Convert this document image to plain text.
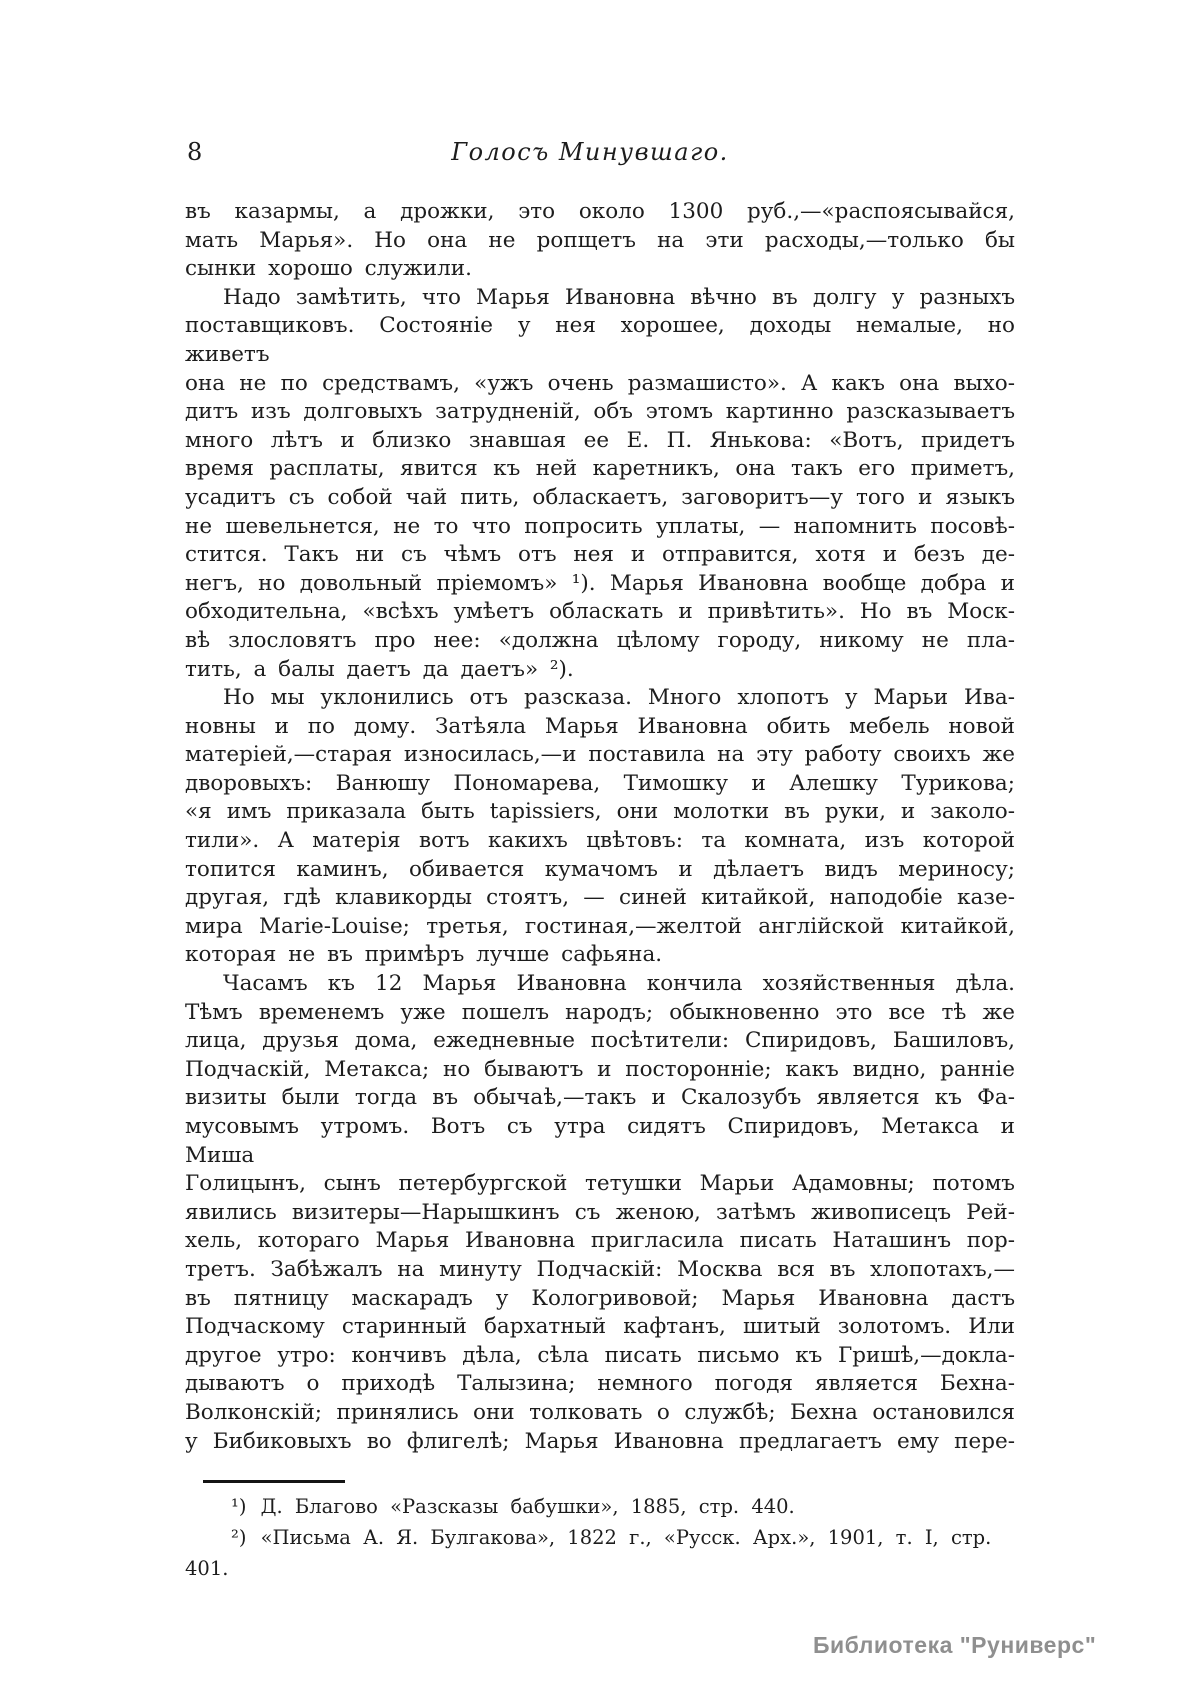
8	Голосъ Минувшаго.
въ казармы, а дрожки, это около 1300 руб.,—«распоясывайся,
мать Марья». Но она не ропщетъ на эти расходы,—только бы
сынки хорошо служили.
Надо замѣтить, что Марья Ивановна вѣчно въ долгу у разныхъ
поставщиковъ. Состояніе у нея хорошее, доходы немалые, но живетъ
она не по средствамъ, «ужъ очень размашисто». А какъ она выхо-
дитъ изъ долговыхъ затрудненій, объ этомъ картинно разсказываетъ
много лѣтъ и близко знавшая ее Е. П. Янькова: «Вотъ, придетъ
время расплаты, явится къ ней каретникъ, она такъ его приметъ,
усадитъ съ собой чай пить, обласкаетъ, заговоритъ—у того и языкъ
не шевельнется, не то что попросить уплаты, — напомнить посовѣ-
стится. Такъ ни съ чѣмъ отъ нея и отправится, хотя и безъ де-
негъ, но довольный пріемомъ» ¹). Марья Ивановна вообще добра и
обходительна, «всѣхъ умѣетъ обласкать и привѣтить». Но въ Моск-
вѣ злословятъ про нее: «должна цѣлому городу, никому не пла-
тить, а балы даетъ да даетъ» ²).
Но мы уклонились отъ разсказа. Много хлопотъ у Марьи Ива-
новны и по дому. Затѣяла Марья Ивановна обить мебель новой
матеріей,—старая износилась,—и поставила на эту работу своихъ же
дворовыхъ: Ванюшу Пономарева, Тимошку и Алешку Турикова;
«я имъ приказала быть tapissiers, они молотки въ руки, и заколо-
тили». А матерія вотъ какихъ цвѣтовъ: та комната, изъ которой
топится каминъ, обивается кумачомъ и дѣлаетъ видъ мериносу;
другая, гдѣ клавикорды стоятъ, — синей китайкой, наподобіе казе-
мира Marie-Louise; третья, гостиная,—желтой англійской китайкой,
которая не въ примѣръ лучше сафьяна.
Часамъ къ 12 Марья Ивановна кончила хозяйственныя дѣла.
Тѣмъ временемъ уже пошелъ народъ; обыкновенно это все тѣ же
лица, друзья дома, ежедневные посѣтители: Спиридовъ, Башиловъ,
Подчаскій, Метакса; но бываютъ и посторонніе; какъ видно, ранніе
визиты были тогда въ обычаѣ,—такъ и Скалозубъ является къ Фа-
мусовымъ утромъ. Вотъ съ утра сидятъ Спиридовъ, Метакса и Миша
Голицынъ, сынъ петербургской тетушки Марьи Адамовны; потомъ
явились визитеры—Нарышкинъ съ женою, затѣмъ живописецъ Рей-
хель, котораго Марья Ивановна пригласила писать Наташинъ пор-
третъ. Забѣжалъ на минуту Подчаскій: Москва вся въ хлопотахъ,—
въ пятницу маскарадъ у Кологривовой; Марья Ивановна дастъ
Подчаскому старинный бархатный кафтанъ, шитый золотомъ. Или
другое утро: кончивъ дѣла, сѣла писать письмо къ Гришѣ,—докла-
дываютъ о приходѣ Талызина; немного погодя является Бехна-
Волконскій; принялись они толковать о службѣ; Бехна остановился
у Бибиковыхъ во флигелѣ; Марья Ивановна предлагаетъ ему пере-
¹) Д. Благово «Разсказы бабушки», 1885, стр. 440.
²) «Письма А. Я. Булгакова», 1822 г., «Русск. Арх.», 1901, т. I, стр. 401.
Библиотека "Руниверс"
